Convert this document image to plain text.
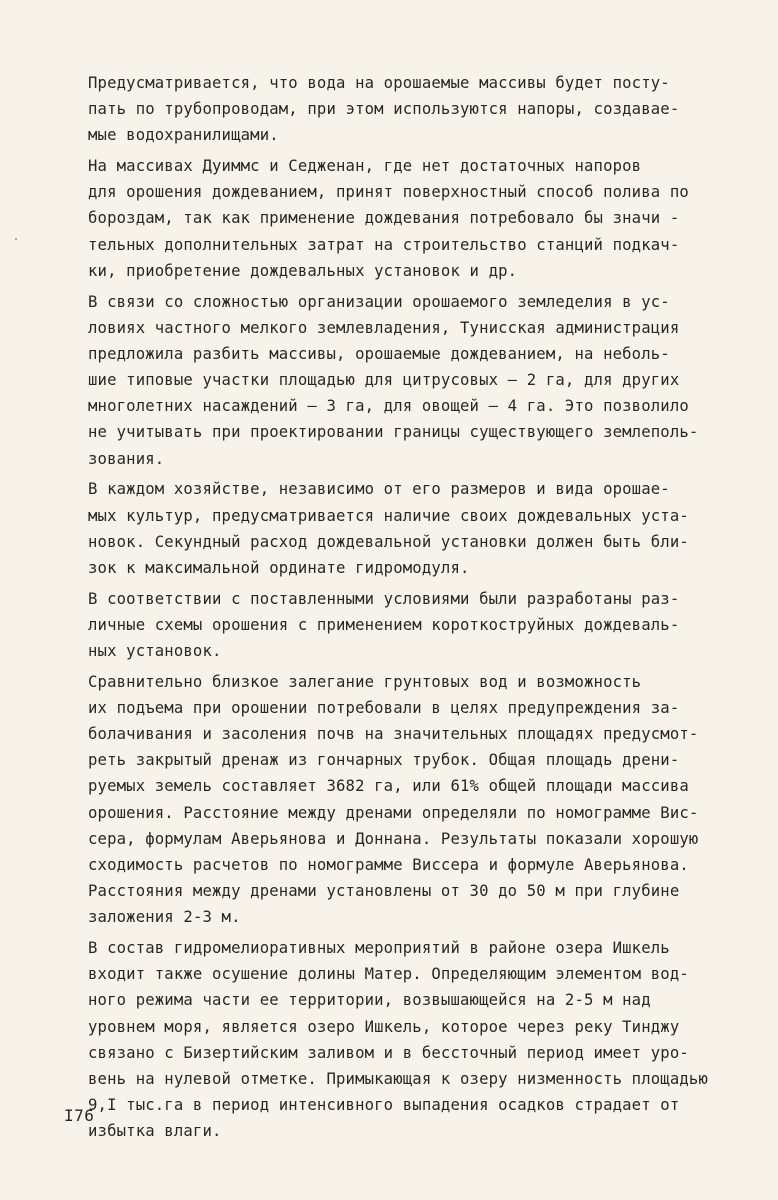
Предусматривается, что вода на орошаемые массивы будет посту-
пать по трубопроводам, при этом используются напоры, создавае-
мые водохранилищами.
На массивах Дуиммс и Седженан, где нет достаточных напоров
для орошения дождеванием, принят поверхностный способ полива по
бороздам, так как применение дождевания потребовало бы значи -
тельных дополнительных затрат на строительство станций подкач-
ки, приобретение дождевальных установок и др.
В связи со сложностью организации орошаемого земледелия в ус-
ловиях частного мелкого землевладения, Тунисская администрация
предложила разбить массивы, орошаемые дождеванием, на неболь-
шие типовые участки площадью для цитрусовых – 2 га, для других
многолетних насаждений – 3 га, для овощей – 4 га. Это позволило
не учитывать при проектировании границы существующего землеполь-
зования.
В каждом хозяйстве, независимо от его размеров и вида орошае-
мых культур, предусматривается наличие своих дождевальных уста-
новок. Секундный расход дождевальной установки должен быть бли-
зок к максимальной ординате гидромодуля.
В соответствии с поставленными условиями были разработаны раз-
личные схемы орошения с применением короткоструйных дождеваль-
ных установок.
Сравнительно близкое залегание грунтовых вод и возможность
их подъема при орошении потребовали в целях предупреждения за-
болачивания и засоления почв на значительных площадях предусмот-
реть закрытый дренаж из гончарных трубок. Общая площадь дрени-
руемых земель составляет 3682 га, или 61% общей площади массива
орошения. Расстояние между дренами определяли по номограмме Вис-
сера, формулам Аверьянова и Доннана. Результаты показали хорошую
сходимость расчетов по номограмме Виссера и формуле Аверьянова.
Расстояния между дренами установлены от 30 до 50 м при глубине
заложения 2-3 м.
В состав гидромелиоративных мероприятий в районе озера Ишкель
входит также осушение долины Матер. Определяющим элементом вод-
ного режима части ее территории, возвышающейся на 2-5 м над
уровнем моря, является озеро Ишкель, которое через реку Тинджу
связано с Бизертийским заливом и в бессточный период имеет уро-
вень на нулевой отметке. Примыкающая к озеру низменность площадью
9,I тыс.га в период интенсивного выпадения осадков страдает от
избытка влаги.
I76
